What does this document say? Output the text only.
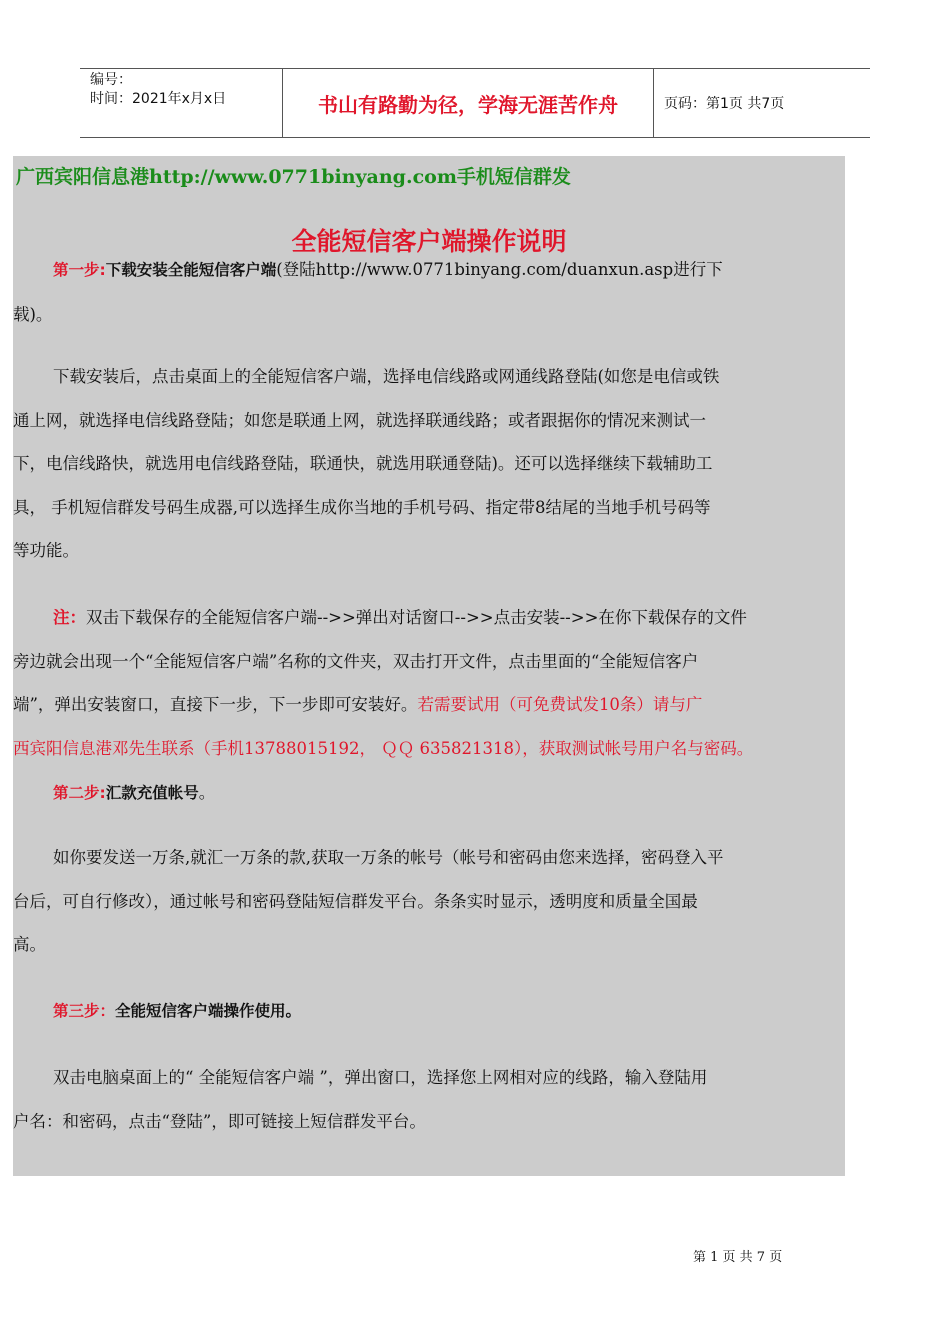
编号：
时间：2021年x月x日	书山有路勤为径，学海无涯苦作舟	页码：第1页 共7页
广西宾阳信息港http://www.0771binyang.com手机短信群发
全能短信客户端操作说明
第一步:下载安装全能短信客户端(登陆http://www.0771binyang.com/duanxun.asp进行下
载)。
下载安装后，点击桌面上的全能短信客户端，选择电信线路或网通线路登陆(如您是电信或铁
通上网，就选择电信线路登陆；如您是联通上网，就选择联通线路；或者跟据你的情况来测试一
下，电信线路快，就选用电信线路登陆，联通快，就选用联通登陆)。还可以选择继续下载辅助工
具， 手机短信群发号码生成器,可以选择生成你当地的手机号码、指定带8结尾的当地手机号码等
等功能。
注：双击下载保存的全能短信客户端-->>弹出对话窗口-->>点击安装-->>在你下载保存的文件
旁边就会出现一个“全能短信客户端”名称的文件夹，双击打开文件，点击里面的“全能短信客户
端”，弹出安装窗口，直接下一步，下一步即可安装好。若需要试用（可免费试发10条）请与广
西宾阳信息港邓先生联系（手机13788015192， ＱＱ 635821318），获取测试帐号用户名与密码。
第二步:汇款充值帐号。
如你要发送一万条,就汇一万条的款,获取一万条的帐号（帐号和密码由您来选择，密码登入平
台后，可自行修改），通过帐号和密码登陆短信群发平台。条条实时显示，透明度和质量全国最
高。
第三步：全能短信客户端操作使用。
双击电脑桌面上的“ 全能短信客户端 ”，弹出窗口，选择您上网相对应的线路，输入登陆用
户名：和密码，点击“登陆”，即可链接上短信群发平台。
第 1 页 共 7 页
